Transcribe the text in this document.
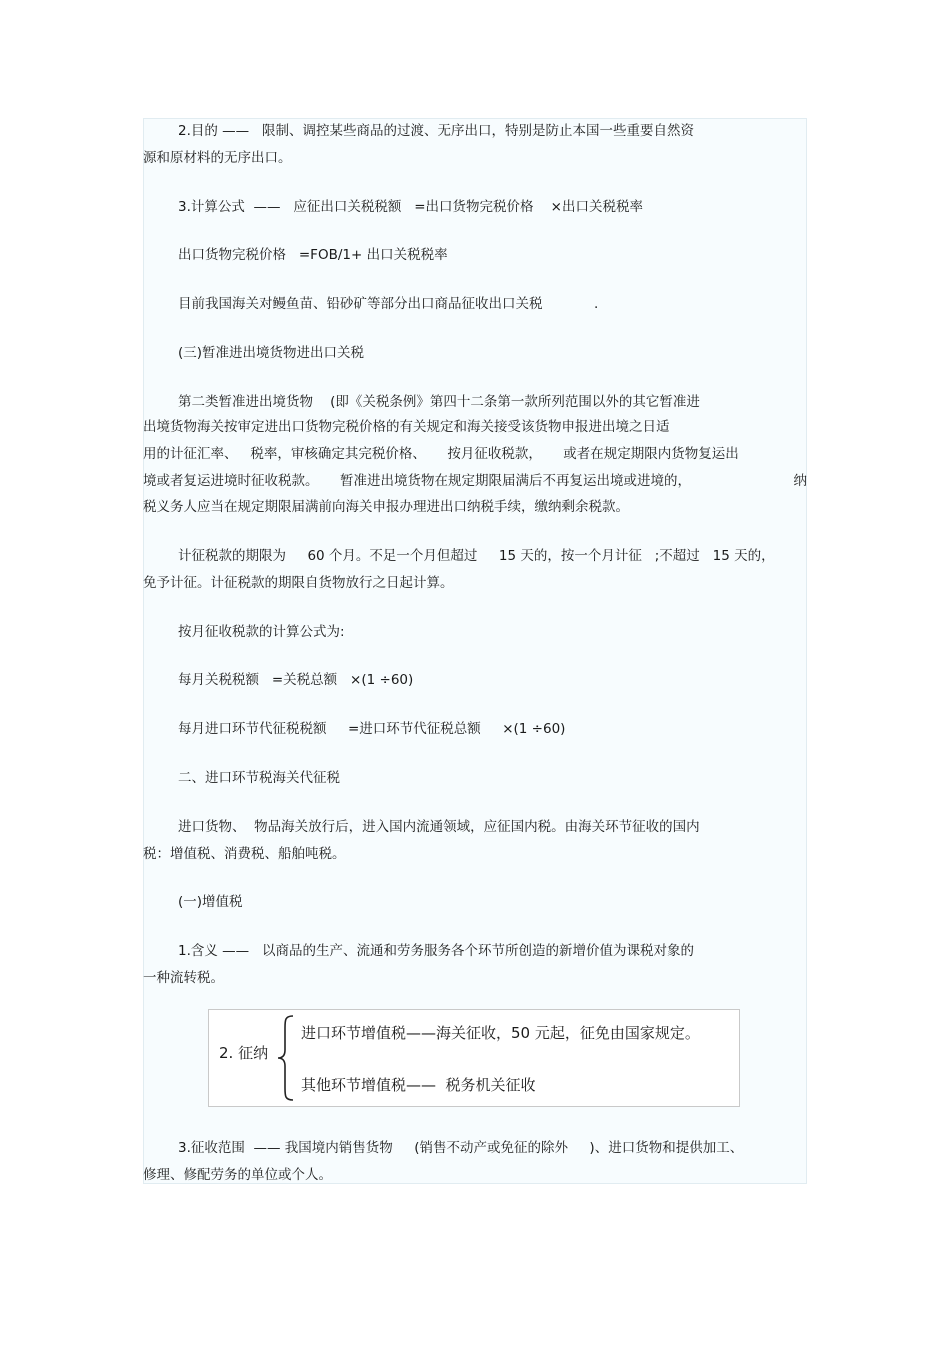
2.目的 ——   限制、调控某些商品的过渡、无序出口，特别是防止本国一些重要自然资
源和原材料的无序出口。
3.计算公式  ——   应征出口关税税额   =出口货物完税价格    ×出口关税税率
出口货物完税价格   =FOB/1+ 出口关税税率
目前我国海关对鳗鱼苗、铅砂矿等部分出口商品征收出口关税            .
(三)暂准进出境货物进出口关税
第二类暂准进出境货物    (即《关税条例》第四十二条第一款所列范围以外的其它暂准进
出境货物海关按审定进出口货物完税价格的有关规定和海关接受该货物申报进出境之日适
用的计征汇率、   税率，审核确定其完税价格、     按月征收税款，     或者在规定期限内货物复运出
境或者复运进境时征收税款。     暂准进出境货物在规定期限届满后不再复运出境或进境的，	纳
税义务人应当在规定期限届满前向海关申报办理进出口纳税手续，缴纳剩余税款。
计征税款的期限为     60 个月。不足一个月但超过     15 天的，按一个月计征   ;不超过   15 天的，
免予计征。计征税款的期限自货物放行之日起计算。
按月征收税款的计算公式为:
每月关税税额   =关税总额   ×(1 ÷60)
每月进口环节代征税税额     =进口环节代征税总额     ×(1 ÷60)
二、进口环节税海关代征税
进口货物、  物品海关放行后，进入国内流通领域，应征国内税。由海关环节征收的国内
税：增值税、消费税、船舶吨税。
(一)增值税
1.含义 ——   以商品的生产、流通和劳务服务各个环节所创造的新增价值为课税对象的
一种流转税。
2. 征纳
进口环节增值税——海关征收，50 元起，征免由国家规定。
其他环节增值税——  税务机关征收
3.征收范围  —— 我国境内销售货物     (销售不动产或免征的除外     )、进口货物和提供加工、
修理、修配劳务的单位或个人。
